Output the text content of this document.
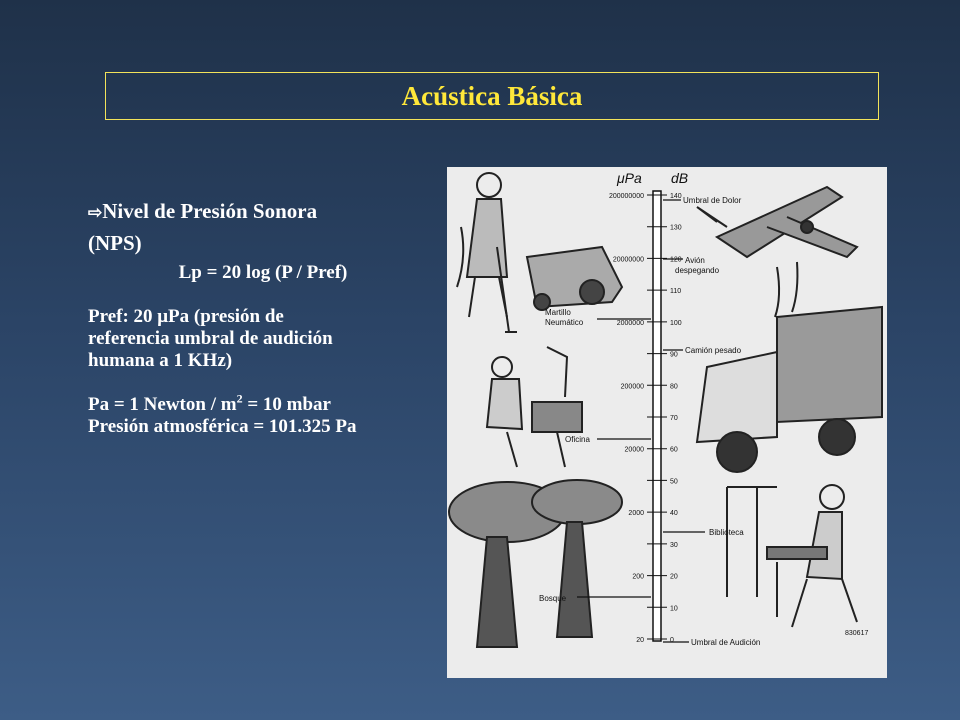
Acústica Básica
⇨Nivel de Presión Sonora
(NPS)
Lp = 20 log (P / Pref)
Pref: 20 μPa (presión de
referencia umbral de audición
humana a 1 KHz)
Pa = 1 Newton / $m^2 = 10$ mbar
Presión atmosférica = 101.325 Pa
μPa dB
200000000	140
130
20000000	120
110
2000000	100
90
200000	80
70
20000	60
50
2000	40
30
200	20
10
20	0
Umbral de Dolor
Avión
despegando
Martillo
Neumático
Camión pesado
Oficina
Biblioteca
Bosque
Umbral de Audición
830617
